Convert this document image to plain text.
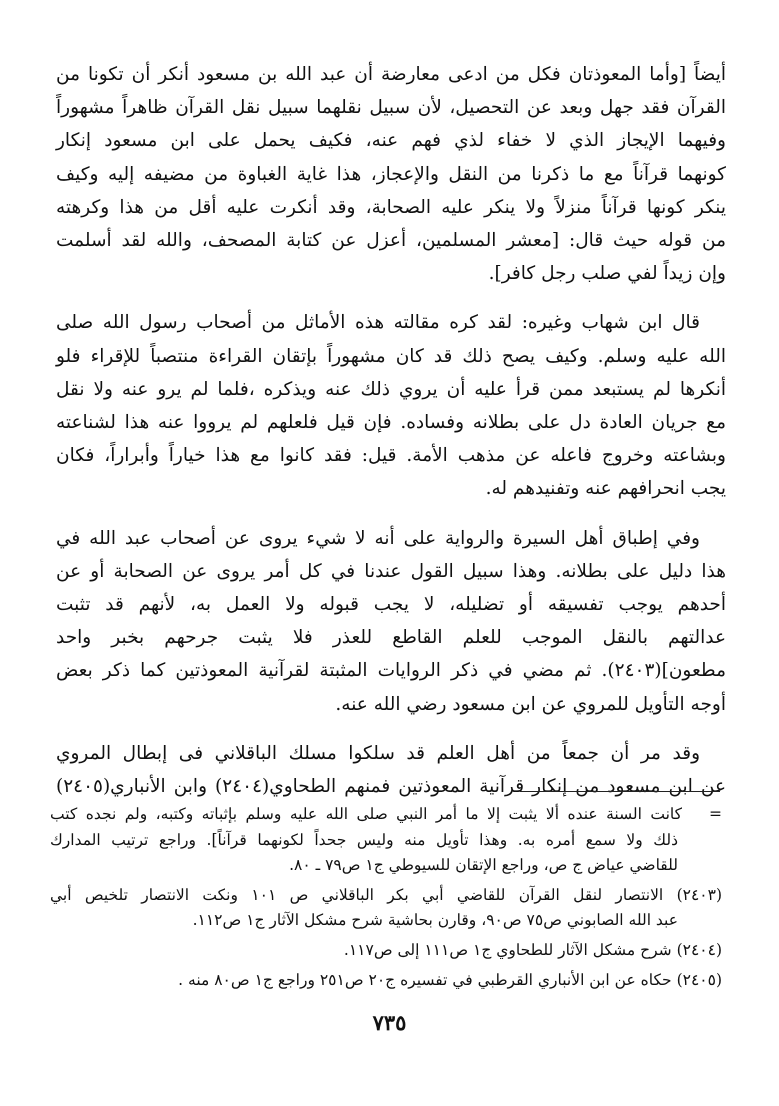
أيضاً [وأما المعوذتان فكل من ادعى معارضة أن عبد الله بن مسعود أنكر أن تكونا من
القرآن فقد جهل وبعد عن التحصيل، لأن سبيل نقلهما سبيل نقل القرآن ظاهراً مشهوراً
وفيهما الإيجاز الذي لا خفاء لذي فهم عنه، فكيف يحمل على ابن مسعود إنكار
كونهما قرآناً مع ما ذكرنا من النقل والإعجاز، هذا غاية الغباوة من مضيفه إليه وكيف
ينكر كونها قرآناً منزلاً ولا ينكر عليه الصحابة، وقد أنكرت عليه أقل من هذا وكرهته
من قوله حيث قال: [معشر المسلمين، أعزل عن كتابة المصحف، والله لقد أسلمت
وإن زيداً لفي صلب رجل كافر].
قال ابن شهاب وغيره: لقد كره مقالته هذه الأماثل من أصحاب رسول الله صلى
الله عليه وسلم. وكيف يصح ذلك قد كان مشهوراً بإتقان القراءة منتصباً للإقراء فلو
أنكرها لم يستبعد ممن قرأ عليه أن يروي ذلك عنه ويذكره ،فلما لم يرو عنه ولا نقل
مع جريان العادة دل على بطلانه وفساده. فإن قيل فلعلهم لم يرووا عنه هذا لشناعته
وبشاعته وخروج فاعله عن مذهب الأمة. قيل: فقد كانوا مع هذا خياراً وأبراراً، فكان
يجب انحرافهم عنه وتفنيدهم له.
وفي إطباق أهل السيرة والرواية على أنه لا شيء يروى عن أصحاب عبد الله في
هذا دليل على بطلانه. وهذا سبيل القول عندنا في كل أمر يروى عن الصحابة أو عن
أحدهم يوجب تفسيقه أو تضليله، لا يجب قبوله ولا العمل به، لأنهم قد تثبت
عدالتهم بالنقل الموجب للعلم القاطع للعذر فلا يثبت جرحهم بخبر واحد
مطعون](٢٤٠٣). ثم مضي في ذكر الروايات المثبتة لقرآنية المعوذتين كما ذكر بعض
أوجه التأويل للمروي عن ابن مسعود رضي الله عنه.
وقد مر أن جمعاً من أهل العلم قد سلكوا مسلك الباقلاني فى إبطال المروي
عن ابن مسعود من إنكار قرآنية المعوذتين فمنهم الطحاوي(٢٤٠٤) وابن الأنباري(٢٤٠٥)
=كانت السنة عنده ألا يثبت إلا ما أمر النبي صلى الله عليه وسلم بإثباته وكتبه، ولم نجده كتب
ذلك ولا سمع أمره به. وهذا تأويل منه وليس جحداً لكونهما قرآناً]. وراجع ترتيب المدارك
للقاضي عياض ج ص، وراجع الإتقان للسيوطي ج١ ص٧٩ ـ ٨٠.
(٢٤٠٣) الانتصار لنقل القرآن للقاضي أبي بكر الباقلاني ص ١٠١ ونكت الانتصار تلخيص أبي
عبد الله الصابوني ص٧٥ ص٩٠، وقارن بحاشية شرح مشكل الآثار ج١ ص١١٢.
(٢٤٠٤) شرح مشكل الآثار للطحاوي ج١ ص١١١ إلى ص١١٧.
(٢٤٠٥) حكاه عن ابن الأنباري القرطبي في تفسيره ج٢٠ ص٢٥١ وراجع ج١ ص٨٠ منه .
٧٣٥
